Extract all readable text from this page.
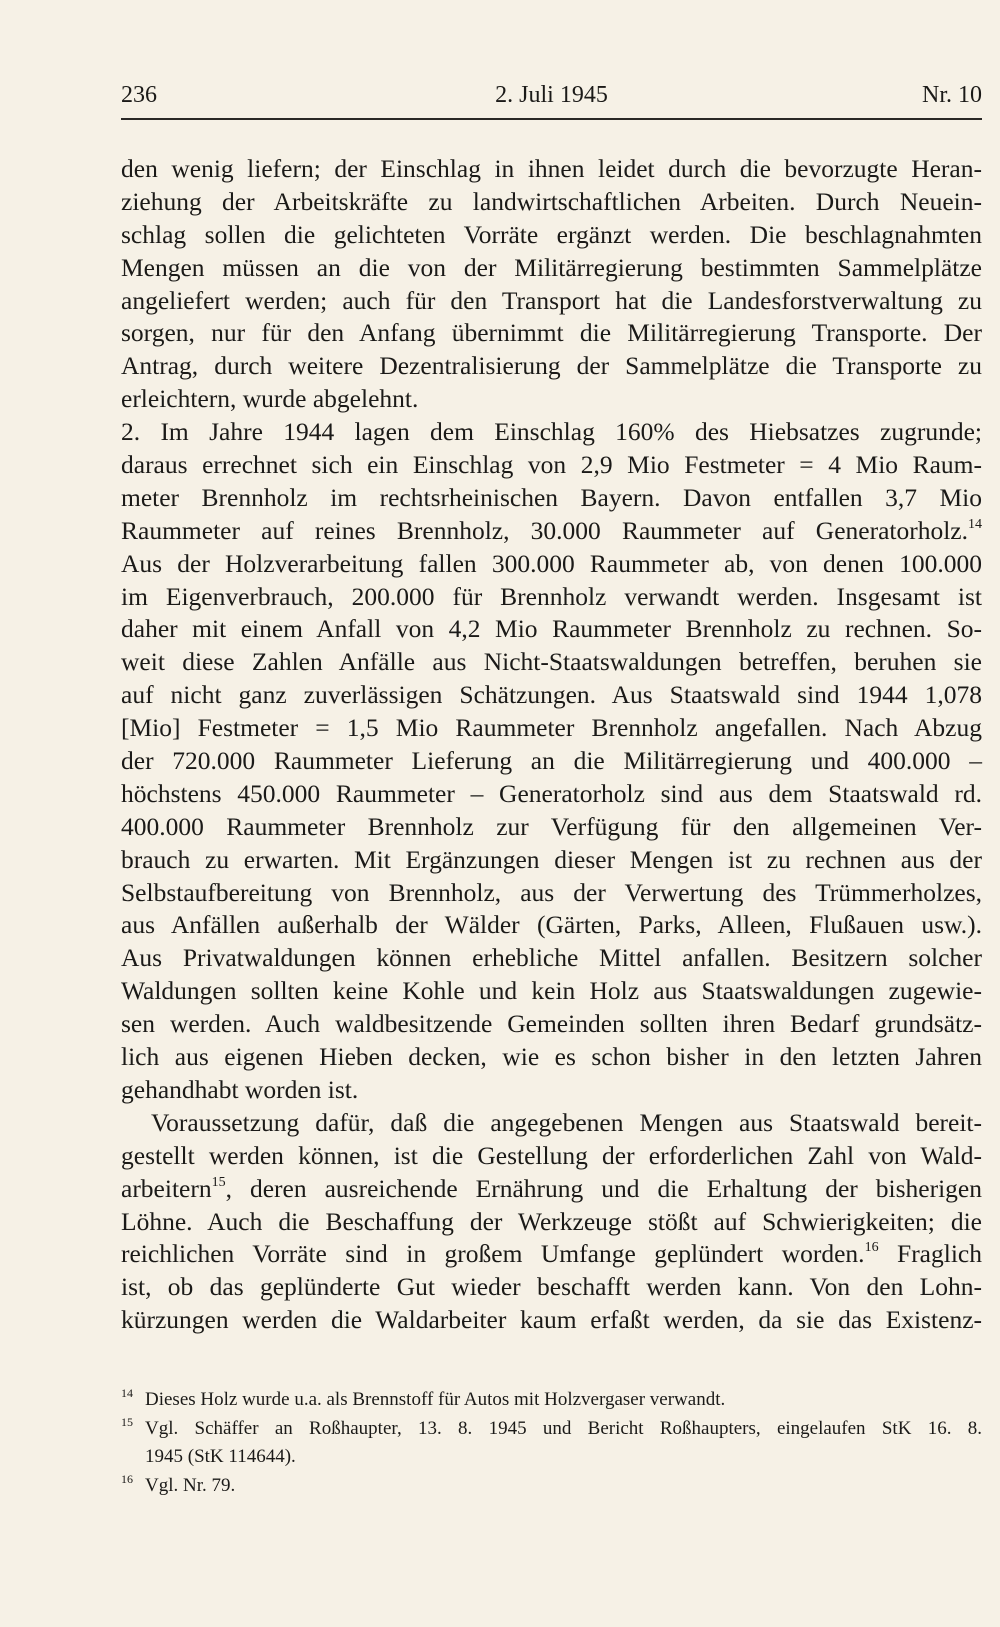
236	2. Juli 1945	Nr. 10
den wenig liefern; der Einschlag in ihnen leidet durch die bevorzugte Heran-
ziehung der Arbeitskräfte zu landwirtschaftlichen Arbeiten. Durch Neuein-
schlag sollen die gelichteten Vorräte ergänzt werden. Die beschlagnahmten
Mengen müssen an die von der Militärregierung bestimmten Sammelplätze
angeliefert werden; auch für den Transport hat die Landesforstverwaltung zu
sorgen, nur für den Anfang übernimmt die Militärregierung Transporte. Der
Antrag, durch weitere Dezentralisierung der Sammelplätze die Transporte zu
erleichtern, wurde abgelehnt.
2. Im Jahre 1944 lagen dem Einschlag 160% des Hiebsatzes zugrunde;
daraus errechnet sich ein Einschlag von 2,9 Mio Festmeter = 4 Mio Raum-
meter Brennholz im rechtsrheinischen Bayern. Davon entfallen 3,7 Mio
Raummeter auf reines Brennholz, 30.000 Raummeter auf Generatorholz.$^{14}$
Aus der Holzverarbeitung fallen 300.000 Raummeter ab, von denen 100.000
im Eigenverbrauch, 200.000 für Brennholz verwandt werden. Insgesamt ist
daher mit einem Anfall von 4,2 Mio Raummeter Brennholz zu rechnen. So-
weit diese Zahlen Anfälle aus Nicht-Staatswaldungen betreffen, beruhen sie
auf nicht ganz zuverlässigen Schätzungen. Aus Staatswald sind 1944 1,078
[Mio] Festmeter = 1,5 Mio Raummeter Brennholz angefallen. Nach Abzug
der 720.000 Raummeter Lieferung an die Militärregierung und 400.000 –
höchstens 450.000 Raummeter – Generatorholz sind aus dem Staatswald rd.
400.000 Raummeter Brennholz zur Verfügung für den allgemeinen Ver-
brauch zu erwarten. Mit Ergänzungen dieser Mengen ist zu rechnen aus der
Selbstaufbereitung von Brennholz, aus der Verwertung des Trümmerholzes,
aus Anfällen außerhalb der Wälder (Gärten, Parks, Alleen, Flußauen usw.).
Aus Privatwaldungen können erhebliche Mittel anfallen. Besitzern solcher
Waldungen sollten keine Kohle und kein Holz aus Staatswaldungen zugewie-
sen werden. Auch waldbesitzende Gemeinden sollten ihren Bedarf grundsätz-
lich aus eigenen Hieben decken, wie es schon bisher in den letzten Jahren
gehandhabt worden ist.
Voraussetzung dafür, daß die angegebenen Mengen aus Staatswald bereit-
gestellt werden können, ist die Gestellung der erforderlichen Zahl von Wald-
arbeitern$^{15}$, deren ausreichende Ernährung und die Erhaltung der bisherigen
Löhne. Auch die Beschaffung der Werkzeuge stößt auf Schwierigkeiten; die
reichlichen Vorräte sind in großem Umfange geplündert worden.$^{16}$ Fraglich
ist, ob das geplünderte Gut wieder beschafft werden kann. Von den Lohn-
kürzungen werden die Waldarbeiter kaum erfaßt werden, da sie das Existenz-
14 Dieses Holz wurde u.a. als Brennstoff für Autos mit Holzvergaser verwandt.
15 Vgl. Schäffer an Roßhaupter, 13. 8. 1945 und Bericht Roßhaupters, eingelaufen StK 16. 8.
1945 (StK 114644).
16 Vgl. Nr. 79.
